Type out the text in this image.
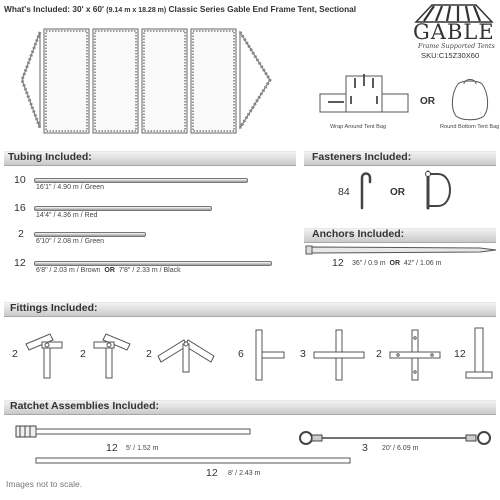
What's Included: 30' x 60' (9.14 m x 18.28 m) Classic Series Gable End Frame Tent, Sectional
GABLE
Frame Supported Tents
SKU:C15Z30X60
Wrap Around Tent Bag
OR
Round Bottom Tent Bag
Tubing Included:
10
16'1" / 4.90 m / Green
16
14'4" / 4.36 m / Red
2
6'10" / 2.08 m / Green
12
6'8" / 2.03 m / Brown OR 7'8" / 2.33 m / Black
Fasteners Included:
84	OR
Anchors Included:
12 36" / 0.9 m OR 42" / 1.06 m
Fittings Included:
2	2	2	6	3	2	12
Ratchet Assemblies Included:
12 5' / 1.52 m	3 20' / 6.09 m
12 8' / 2.43 m
Images not to scale.
